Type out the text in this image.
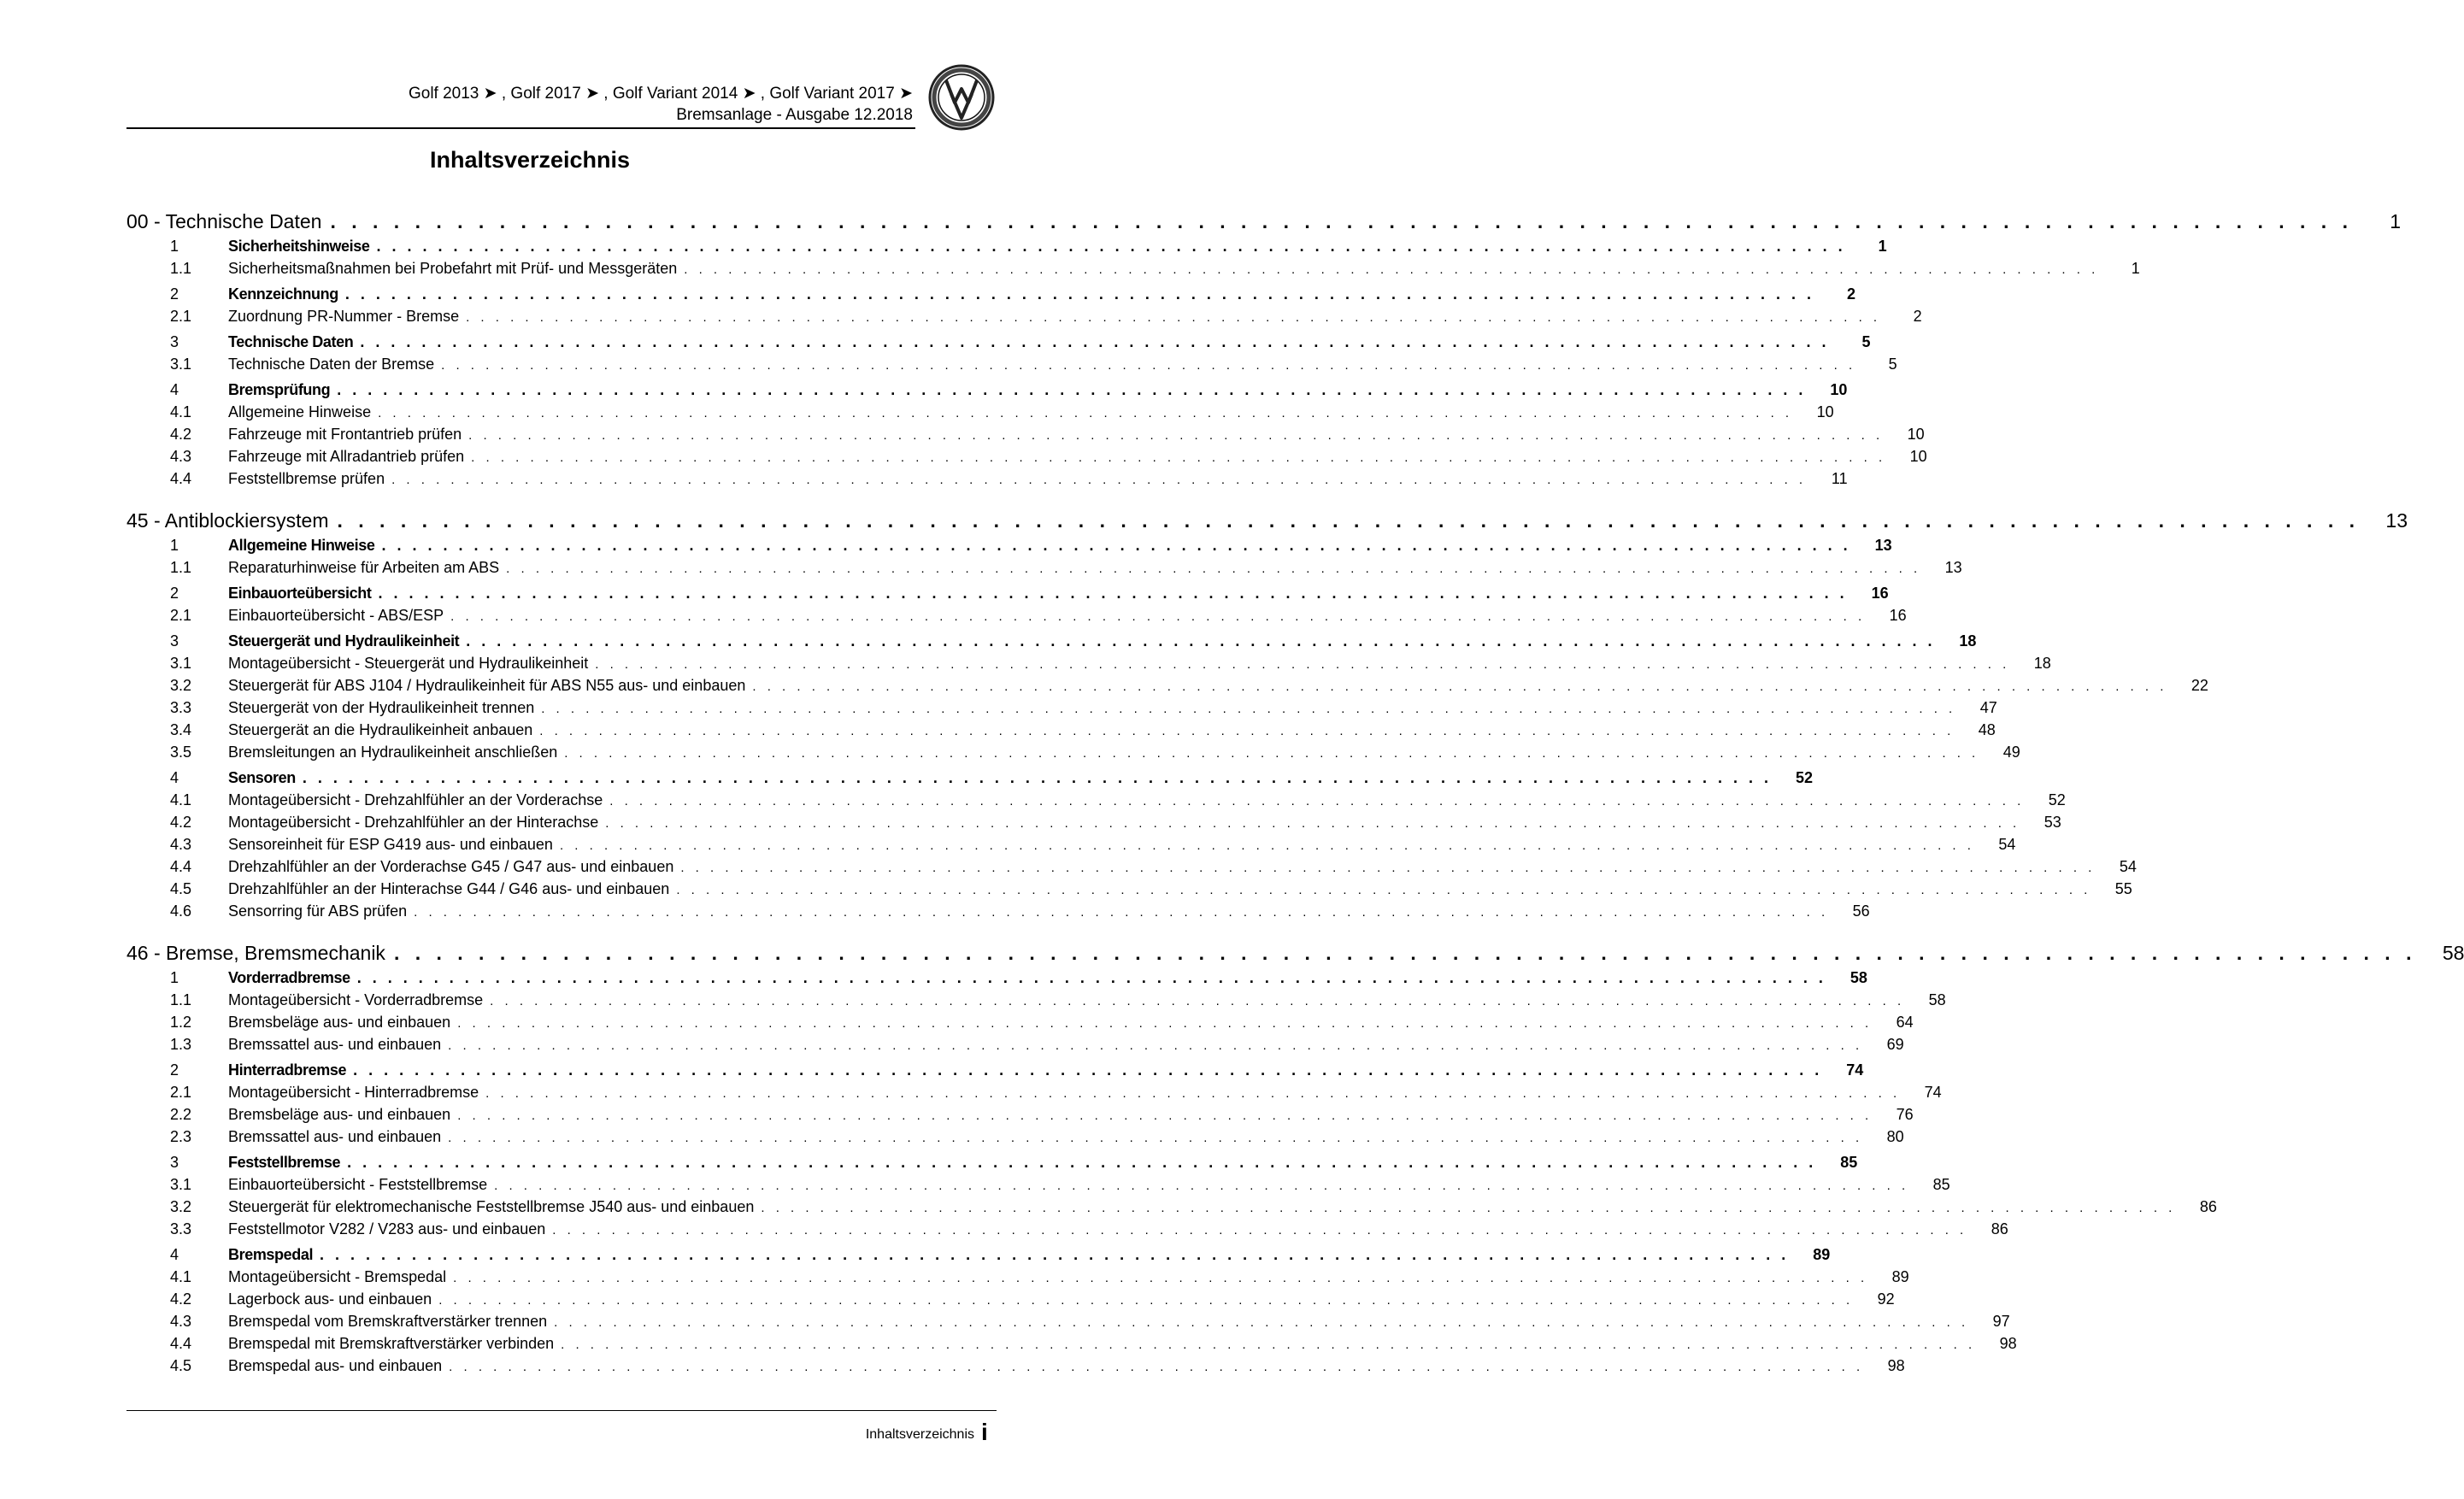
Golf 2013 ➤ , Golf 2017 ➤ , Golf Variant 2014 ➤ , Golf Variant 2017 ➤
Bremsanlage - Ausgabe 12.2018
Inhaltsverzeichnis
00 - Technische Daten . . . . . . . . . . . . . . . . . . . . . . . . . . . . . . . . . . . . . . . . . . . . . . . . . . . . . . . . . . . . . . . . . . . . . . . . . . . . . . . . . . . . . . . . . . . . . . . .	1
1	Sicherheitshinweise . . . . . . . . . . . . . . . . . . . . . . . . . . . . . . . . . . . . . . . . . . . . . . . . . . . . . . . . . . . . . . . . . . . . . . . . . . . . . . . . . . . . . . . . . . . . . . . .	1
1.1	Sicherheitsmaßnahmen bei Probefahrt mit Prüf- und Messgeräten . . . . . . . . . . . . . . . . . . . . . . . . . . . . . . . . . . . . . . . . . . . . . . . . . . . . . . . . . . . . . . . . . . . . . . . . . . . . . . . . . . . . . . . . . . . . . . . .	1
2	Kennzeichnung . . . . . . . . . . . . . . . . . . . . . . . . . . . . . . . . . . . . . . . . . . . . . . . . . . . . . . . . . . . . . . . . . . . . . . . . . . . . . . . . . . . . . . . . . . . . . . . .	2
2.1	Zuordnung PR-Nummer - Bremse . . . . . . . . . . . . . . . . . . . . . . . . . . . . . . . . . . . . . . . . . . . . . . . . . . . . . . . . . . . . . . . . . . . . . . . . . . . . . . . . . . . . . . . . . . . . . . . .	2
3	Technische Daten . . . . . . . . . . . . . . . . . . . . . . . . . . . . . . . . . . . . . . . . . . . . . . . . . . . . . . . . . . . . . . . . . . . . . . . . . . . . . . . . . . . . . . . . . . . . . . . .	5
3.1	Technische Daten der Bremse . . . . . . . . . . . . . . . . . . . . . . . . . . . . . . . . . . . . . . . . . . . . . . . . . . . . . . . . . . . . . . . . . . . . . . . . . . . . . . . . . . . . . . . . . . . . . . . .	5
4	Bremsprüfung . . . . . . . . . . . . . . . . . . . . . . . . . . . . . . . . . . . . . . . . . . . . . . . . . . . . . . . . . . . . . . . . . . . . . . . . . . . . . . . . . . . . . . . . . . . . . . . .	10
4.1	Allgemeine Hinweise . . . . . . . . . . . . . . . . . . . . . . . . . . . . . . . . . . . . . . . . . . . . . . . . . . . . . . . . . . . . . . . . . . . . . . . . . . . . . . . . . . . . . . . . . . . . . . . .	10
4.2	Fahrzeuge mit Frontantrieb prüfen . . . . . . . . . . . . . . . . . . . . . . . . . . . . . . . . . . . . . . . . . . . . . . . . . . . . . . . . . . . . . . . . . . . . . . . . . . . . . . . . . . . . . . . . . . . . . . . .	10
4.3	Fahrzeuge mit Allradantrieb prüfen . . . . . . . . . . . . . . . . . . . . . . . . . . . . . . . . . . . . . . . . . . . . . . . . . . . . . . . . . . . . . . . . . . . . . . . . . . . . . . . . . . . . . . . . . . . . . . . .	10
4.4	Feststellbremse prüfen . . . . . . . . . . . . . . . . . . . . . . . . . . . . . . . . . . . . . . . . . . . . . . . . . . . . . . . . . . . . . . . . . . . . . . . . . . . . . . . . . . . . . . . . . . . . . . . .	11
45 - Antiblockiersystem . . . . . . . . . . . . . . . . . . . . . . . . . . . . . . . . . . . . . . . . . . . . . . . . . . . . . . . . . . . . . . . . . . . . . . . . . . . . . . . . . . . . . . . . . . . . . . . .	13
1	Allgemeine Hinweise . . . . . . . . . . . . . . . . . . . . . . . . . . . . . . . . . . . . . . . . . . . . . . . . . . . . . . . . . . . . . . . . . . . . . . . . . . . . . . . . . . . . . . . . . . . . . . . .	13
1.1	Reparaturhinweise für Arbeiten am ABS . . . . . . . . . . . . . . . . . . . . . . . . . . . . . . . . . . . . . . . . . . . . . . . . . . . . . . . . . . . . . . . . . . . . . . . . . . . . . . . . . . . . . . . . . . . . . . . .	13
2	Einbauorteübersicht . . . . . . . . . . . . . . . . . . . . . . . . . . . . . . . . . . . . . . . . . . . . . . . . . . . . . . . . . . . . . . . . . . . . . . . . . . . . . . . . . . . . . . . . . . . . . . . .	16
2.1	Einbauorteübersicht - ABS/ESP . . . . . . . . . . . . . . . . . . . . . . . . . . . . . . . . . . . . . . . . . . . . . . . . . . . . . . . . . . . . . . . . . . . . . . . . . . . . . . . . . . . . . . . . . . . . . . . .	16
3	Steuergerät und Hydraulikeinheit . . . . . . . . . . . . . . . . . . . . . . . . . . . . . . . . . . . . . . . . . . . . . . . . . . . . . . . . . . . . . . . . . . . . . . . . . . . . . . . . . . . . . . . . . . . . . . . .	18
3.1	Montageübersicht - Steuergerät und Hydraulikeinheit . . . . . . . . . . . . . . . . . . . . . . . . . . . . . . . . . . . . . . . . . . . . . . . . . . . . . . . . . . . . . . . . . . . . . . . . . . . . . . . . . . . . . . . . . . . . . . . .	18
3.2	Steuergerät für ABS J104 / Hydraulikeinheit für ABS N55 aus- und einbauen . . . . . . . . . . . . . . . . . . . . . . . . . . . . . . . . . . . . . . . . . . . . . . . . . . . . . . . . . . . . . . . . . . . . . . . . . . . . . . . . . . . . . . . . . . . . . . . .	22
3.3	Steuergerät von der Hydraulikeinheit trennen . . . . . . . . . . . . . . . . . . . . . . . . . . . . . . . . . . . . . . . . . . . . . . . . . . . . . . . . . . . . . . . . . . . . . . . . . . . . . . . . . . . . . . . . . . . . . . . .	47
3.4	Steuergerät an die Hydraulikeinheit anbauen . . . . . . . . . . . . . . . . . . . . . . . . . . . . . . . . . . . . . . . . . . . . . . . . . . . . . . . . . . . . . . . . . . . . . . . . . . . . . . . . . . . . . . . . . . . . . . . .	48
3.5	Bremsleitungen an Hydraulikeinheit anschließen . . . . . . . . . . . . . . . . . . . . . . . . . . . . . . . . . . . . . . . . . . . . . . . . . . . . . . . . . . . . . . . . . . . . . . . . . . . . . . . . . . . . . . . . . . . . . . . .	49
4	Sensoren . . . . . . . . . . . . . . . . . . . . . . . . . . . . . . . . . . . . . . . . . . . . . . . . . . . . . . . . . . . . . . . . . . . . . . . . . . . . . . . . . . . . . . . . . . . . . . . .	52
4.1	Montageübersicht - Drehzahlfühler an der Vorderachse . . . . . . . . . . . . . . . . . . . . . . . . . . . . . . . . . . . . . . . . . . . . . . . . . . . . . . . . . . . . . . . . . . . . . . . . . . . . . . . . . . . . . . . . . . . . . . . .	52
4.2	Montageübersicht - Drehzahlfühler an der Hinterachse . . . . . . . . . . . . . . . . . . . . . . . . . . . . . . . . . . . . . . . . . . . . . . . . . . . . . . . . . . . . . . . . . . . . . . . . . . . . . . . . . . . . . . . . . . . . . . . .	53
4.3	Sensoreinheit für ESP G419 aus- und einbauen . . . . . . . . . . . . . . . . . . . . . . . . . . . . . . . . . . . . . . . . . . . . . . . . . . . . . . . . . . . . . . . . . . . . . . . . . . . . . . . . . . . . . . . . . . . . . . . .	54
4.4	Drehzahlfühler an der Vorderachse G45 / G47 aus- und einbauen . . . . . . . . . . . . . . . . . . . . . . . . . . . . . . . . . . . . . . . . . . . . . . . . . . . . . . . . . . . . . . . . . . . . . . . . . . . . . . . . . . . . . . . . . . . . . . . .	54
4.5	Drehzahlfühler an der Hinterachse G44 / G46 aus- und einbauen . . . . . . . . . . . . . . . . . . . . . . . . . . . . . . . . . . . . . . . . . . . . . . . . . . . . . . . . . . . . . . . . . . . . . . . . . . . . . . . . . . . . . . . . . . . . . . . .	55
4.6	Sensorring für ABS prüfen . . . . . . . . . . . . . . . . . . . . . . . . . . . . . . . . . . . . . . . . . . . . . . . . . . . . . . . . . . . . . . . . . . . . . . . . . . . . . . . . . . . . . . . . . . . . . . . .	56
46 - Bremse, Bremsmechanik . . . . . . . . . . . . . . . . . . . . . . . . . . . . . . . . . . . . . . . . . . . . . . . . . . . . . . . . . . . . . . . . . . . . . . . . . . . . . . . . . . . . . . . . . . . . . . . .	58
1	Vorderradbremse . . . . . . . . . . . . . . . . . . . . . . . . . . . . . . . . . . . . . . . . . . . . . . . . . . . . . . . . . . . . . . . . . . . . . . . . . . . . . . . . . . . . . . . . . . . . . . . .	58
1.1	Montageübersicht - Vorderradbremse . . . . . . . . . . . . . . . . . . . . . . . . . . . . . . . . . . . . . . . . . . . . . . . . . . . . . . . . . . . . . . . . . . . . . . . . . . . . . . . . . . . . . . . . . . . . . . . .	58
1.2	Bremsbeläge aus- und einbauen . . . . . . . . . . . . . . . . . . . . . . . . . . . . . . . . . . . . . . . . . . . . . . . . . . . . . . . . . . . . . . . . . . . . . . . . . . . . . . . . . . . . . . . . . . . . . . . .	64
1.3	Bremssattel aus- und einbauen . . . . . . . . . . . . . . . . . . . . . . . . . . . . . . . . . . . . . . . . . . . . . . . . . . . . . . . . . . . . . . . . . . . . . . . . . . . . . . . . . . . . . . . . . . . . . . . .	69
2	Hinterradbremse . . . . . . . . . . . . . . . . . . . . . . . . . . . . . . . . . . . . . . . . . . . . . . . . . . . . . . . . . . . . . . . . . . . . . . . . . . . . . . . . . . . . . . . . . . . . . . . .	74
2.1	Montageübersicht - Hinterradbremse . . . . . . . . . . . . . . . . . . . . . . . . . . . . . . . . . . . . . . . . . . . . . . . . . . . . . . . . . . . . . . . . . . . . . . . . . . . . . . . . . . . . . . . . . . . . . . . .	74
2.2	Bremsbeläge aus- und einbauen . . . . . . . . . . . . . . . . . . . . . . . . . . . . . . . . . . . . . . . . . . . . . . . . . . . . . . . . . . . . . . . . . . . . . . . . . . . . . . . . . . . . . . . . . . . . . . . .	76
2.3	Bremssattel aus- und einbauen . . . . . . . . . . . . . . . . . . . . . . . . . . . . . . . . . . . . . . . . . . . . . . . . . . . . . . . . . . . . . . . . . . . . . . . . . . . . . . . . . . . . . . . . . . . . . . . .	80
3	Feststellbremse . . . . . . . . . . . . . . . . . . . . . . . . . . . . . . . . . . . . . . . . . . . . . . . . . . . . . . . . . . . . . . . . . . . . . . . . . . . . . . . . . . . . . . . . . . . . . . . .	85
3.1	Einbauorteübersicht - Feststellbremse . . . . . . . . . . . . . . . . . . . . . . . . . . . . . . . . . . . . . . . . . . . . . . . . . . . . . . . . . . . . . . . . . . . . . . . . . . . . . . . . . . . . . . . . . . . . . . . .	85
3.2	Steuergerät für elektromechanische Feststellbremse J540 aus- und einbauen . . . . . . . . . . . . . . . . . . . . . . . . . . . . . . . . . . . . . . . . . . . . . . . . . . . . . . . . . . . . . . . . . . . . . . . . . . . . . . . . . . . . . . . . . . . . . . . .	86
3.3	Feststellmotor V282 / V283 aus- und einbauen . . . . . . . . . . . . . . . . . . . . . . . . . . . . . . . . . . . . . . . . . . . . . . . . . . . . . . . . . . . . . . . . . . . . . . . . . . . . . . . . . . . . . . . . . . . . . . . .	86
4	Bremspedal . . . . . . . . . . . . . . . . . . . . . . . . . . . . . . . . . . . . . . . . . . . . . . . . . . . . . . . . . . . . . . . . . . . . . . . . . . . . . . . . . . . . . . . . . . . . . . . .	89
4.1	Montageübersicht - Bremspedal . . . . . . . . . . . . . . . . . . . . . . . . . . . . . . . . . . . . . . . . . . . . . . . . . . . . . . . . . . . . . . . . . . . . . . . . . . . . . . . . . . . . . . . . . . . . . . . .	89
4.2	Lagerbock aus- und einbauen . . . . . . . . . . . . . . . . . . . . . . . . . . . . . . . . . . . . . . . . . . . . . . . . . . . . . . . . . . . . . . . . . . . . . . . . . . . . . . . . . . . . . . . . . . . . . . . .	92
4.3	Bremspedal vom Bremskraftverstärker trennen . . . . . . . . . . . . . . . . . . . . . . . . . . . . . . . . . . . . . . . . . . . . . . . . . . . . . . . . . . . . . . . . . . . . . . . . . . . . . . . . . . . . . . . . . . . . . . . .	97
4.4	Bremspedal mit Bremskraftverstärker verbinden . . . . . . . . . . . . . . . . . . . . . . . . . . . . . . . . . . . . . . . . . . . . . . . . . . . . . . . . . . . . . . . . . . . . . . . . . . . . . . . . . . . . . . . . . . . . . . . .	98
4.5	Bremspedal aus- und einbauen . . . . . . . . . . . . . . . . . . . . . . . . . . . . . . . . . . . . . . . . . . . . . . . . . . . . . . . . . . . . . . . . . . . . . . . . . . . . . . . . . . . . . . . . . . . . . . . .	98
Inhaltsverzeichnis i
